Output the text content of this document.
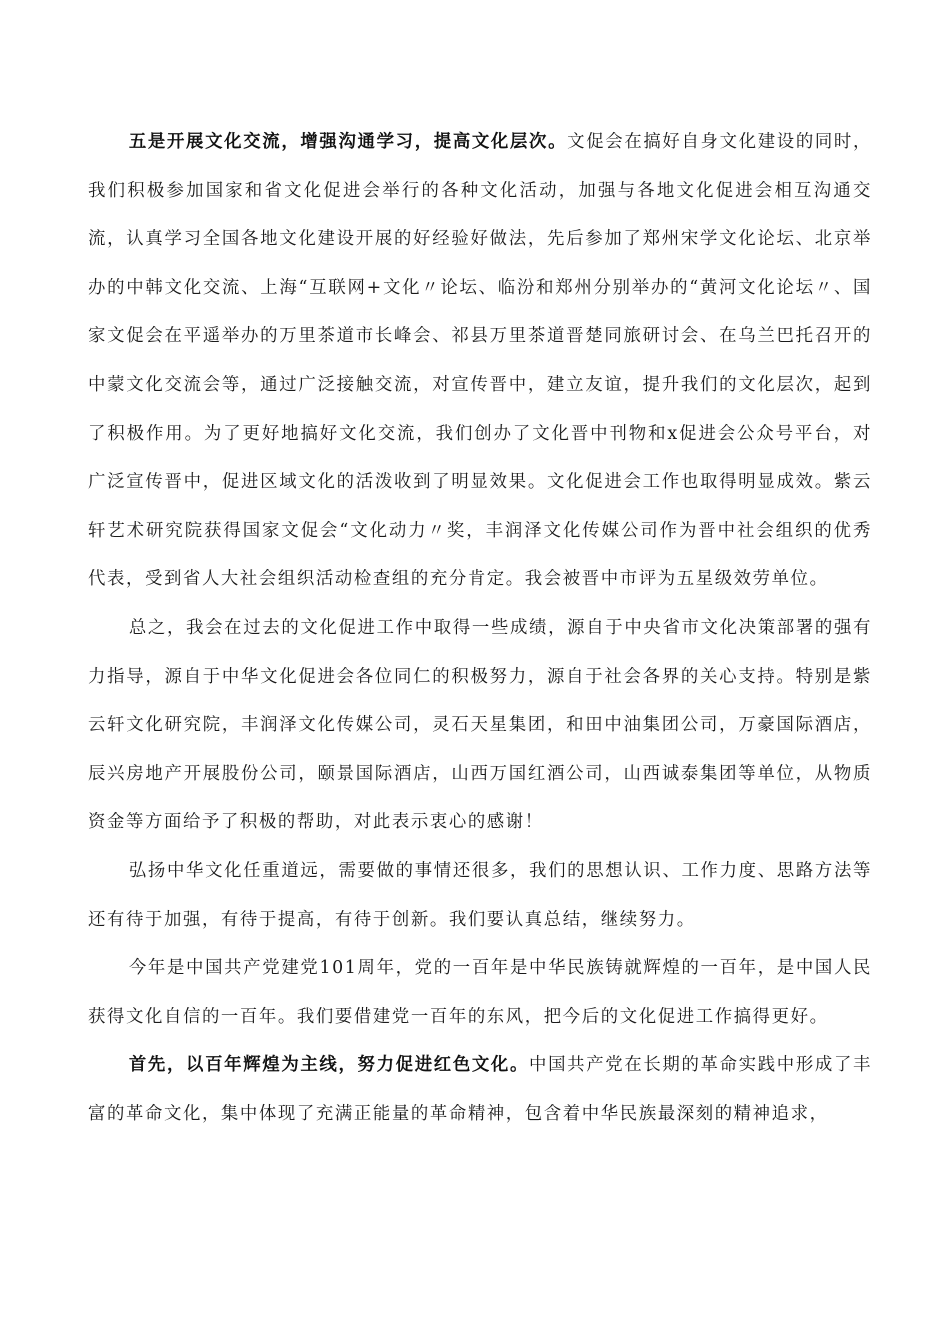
五是开展文化交流，增强沟通学习，提高文化层次。文促会在搞好自身文化建设的同时，我们积极参加国家和省文化促进会举行的各种文化活动，加强与各地文化促进会相互沟通交流，认真学习全国各地文化建设开展的好经验好做法，先后参加了郑州宋学文化论坛、北京举办的中韩文化交流、上海“互联网+文化〃论坛、临汾和郑州分别举办的“黄河文化论坛〃、国家文促会在平遥举办的万里茶道市长峰会、祁县万里茶道晋楚同旅研讨会、在乌兰巴托召开的中蒙文化交流会等，通过广泛接触交流，对宣传晋中，建立友谊，提升我们的文化层次，起到了积极作用。为了更好地搞好文化交流，我们创办了文化晋中刊物和x促进会公众号平台，对广泛宣传晋中，促进区域文化的活泼收到了明显效果。文化促进会工作也取得明显成效。紫云轩艺术研究院获得国家文促会“文化动力〃奖，丰润泽文化传媒公司作为晋中社会组织的优秀代表，受到省人大社会组织活动检查组的充分肯定。我会被晋中市评为五星级效劳单位。

总之，我会在过去的文化促进工作中取得一些成绩，源自于中央省市文化决策部署的强有力指导，源自于中华文化促进会各位同仁的积极努力，源自于社会各界的关心支持。特别是紫云轩文化研究院，丰润泽文化传媒公司，灵石天星集团，和田中油集团公司，万豪国际酒店，辰兴房地产开展股份公司，颐景国际酒店，山西万国红酒公司，山西诚泰集团等单位，从物质资金等方面给予了积极的帮助，对此表示衷心的感谢！

弘扬中华文化任重道远，需要做的事情还很多，我们的思想认识、工作力度、思路方法等还有待于加强，有待于提高，有待于创新。我们要认真总结，继续努力。

今年是中国共产党建党101周年，党的一百年是中华民族铸就辉煌的一百年，是中国人民获得文化自信的一百年。我们要借建党一百年的东风，把今后的文化促进工作搞得更好。

首先，以百年辉煌为主线，努力促进红色文化。中国共产党在长期的革命实践中形成了丰富的革命文化，集中体现了充满正能量的革命精神，包含着中华民族最深刻的精神追求，
